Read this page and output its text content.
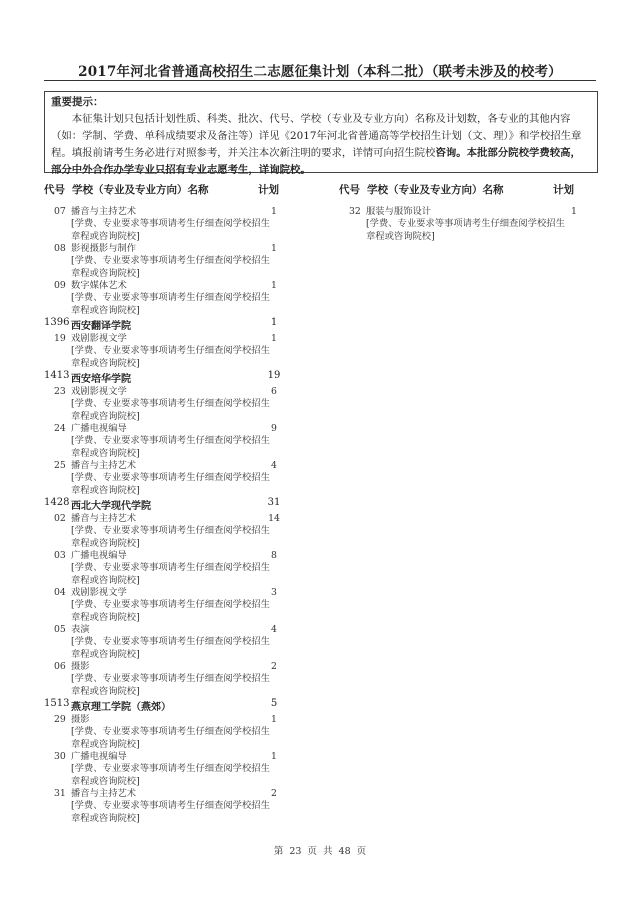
2017年河北省普通高校招生二志愿征集计划（本科二批）（联考未涉及的校考）
重要提示：
本征集计划只包括计划性质、科类、批次、代号、学校（专业及专业方向）名称及计划数，各专业的其他内容（如：学制、学费、单科成绩要求及备注等）详见《2017年河北省普通高等学校招生计划（文、理）》和学校招生章程。填报前请考生务必进行对照参考，并关注本次新注明的要求，详情可向招生院校咨询。本批部分院校学费较高，部分中外合作办学专业只招有专业志愿考生，详询院校。
代号 学校（专业及专业方向）名称	计划
07 播音与主持艺术	1
[学费、专业要求等事项请考生仔细查阅学校招生章程或咨询院校]
08 影视摄影与制作	1
[学费、专业要求等事项请考生仔细查阅学校招生章程或咨询院校]
09 数字媒体艺术	1
[学费、专业要求等事项请考生仔细查阅学校招生章程或咨询院校]
1396 西安翻译学院	1
19 戏剧影视文学	1
[学费、专业要求等事项请考生仔细查阅学校招生章程或咨询院校]
1413 西安培华学院	19
23 戏剧影视文学	6
[学费、专业要求等事项请考生仔细查阅学校招生章程或咨询院校]
24 广播电视编导	9
[学费、专业要求等事项请考生仔细查阅学校招生章程或咨询院校]
25 播音与主持艺术	4
[学费、专业要求等事项请考生仔细查阅学校招生章程或咨询院校]
1428 西北大学现代学院	31
02 播音与主持艺术	14
[学费、专业要求等事项请考生仔细查阅学校招生章程或咨询院校]
03 广播电视编导	8
[学费、专业要求等事项请考生仔细查阅学校招生章程或咨询院校]
04 戏剧影视文学	3
[学费、专业要求等事项请考生仔细查阅学校招生章程或咨询院校]
05 表演	4
[学费、专业要求等事项请考生仔细查阅学校招生章程或咨询院校]
06 摄影	2
[学费、专业要求等事项请考生仔细查阅学校招生章程或咨询院校]
1513 燕京理工学院（燕郊）	5
29 摄影	1
[学费、专业要求等事项请考生仔细查阅学校招生章程或咨询院校]
30 广播电视编导	1
[学费、专业要求等事项请考生仔细查阅学校招生章程或咨询院校]
31 播音与主持艺术	2
[学费、专业要求等事项请考生仔细查阅学校招生章程或咨询院校]
代号 学校（专业及专业方向）名称	计划
32 服装与服饰设计	1
[学费、专业要求等事项请考生仔细查阅学校招生章程或咨询院校]
第 23 页 共 48 页
